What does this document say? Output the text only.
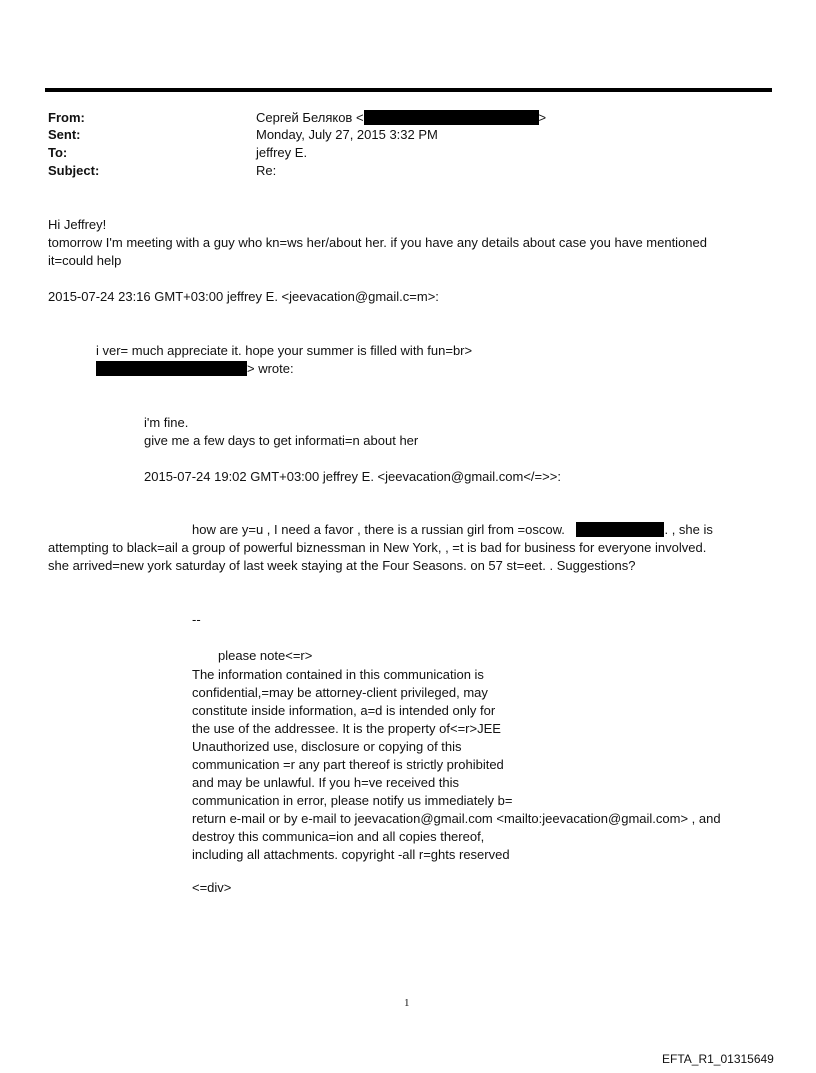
From:	Сергей Беляков <	>
Sent:	Monday, July 27, 2015 3:32 PM
To:	jeffrey E.
Subject:	Re:
Hi Jeffrey!
tomorrow I'm meeting with a guy who kn=ws her/about her. if you have any details about case you have mentioned
it=could help
2015-07-24 23:16 GMT+03:00 jeffrey E. <jeevacation@gmail.c=m>:
i ver= much appreciate it. hope your summer is filled with fun=br>
> wrote:
i'm fine.
give me a few days to get informati=n about her
2015-07-24 19:02 GMT+03:00 jeffrey E. <jeevacation@gmail.com</=>>:
how are y=u , I need a favor , there is a russian girl from =oscow.	. , she is
attempting to black=ail a group of powerful biznessman in New York, , =t is bad for business for everyone involved.
she arrived=new york saturday of last week staying at the Four Seasons. on 57 st=eet. . Suggestions?
--
please note<=r>
The information contained in this communication is
confidential,=may be attorney-client privileged, may
constitute inside information, a=d is intended only for
the use of the addressee. It is the property of<=r>JEE
Unauthorized use, disclosure or copying of this
communication =r any part thereof is strictly prohibited
and may be unlawful. If you h=ve received this
communication in error, please notify us immediately b=
return e-mail or by e-mail to jeevacation@gmail.com <mailto:jeevacation@gmail.com> , and
destroy this communica=ion and all copies thereof,
including all attachments. copyright -all r=ghts reserved
<=div>
1
EFTA_R1_01315649
